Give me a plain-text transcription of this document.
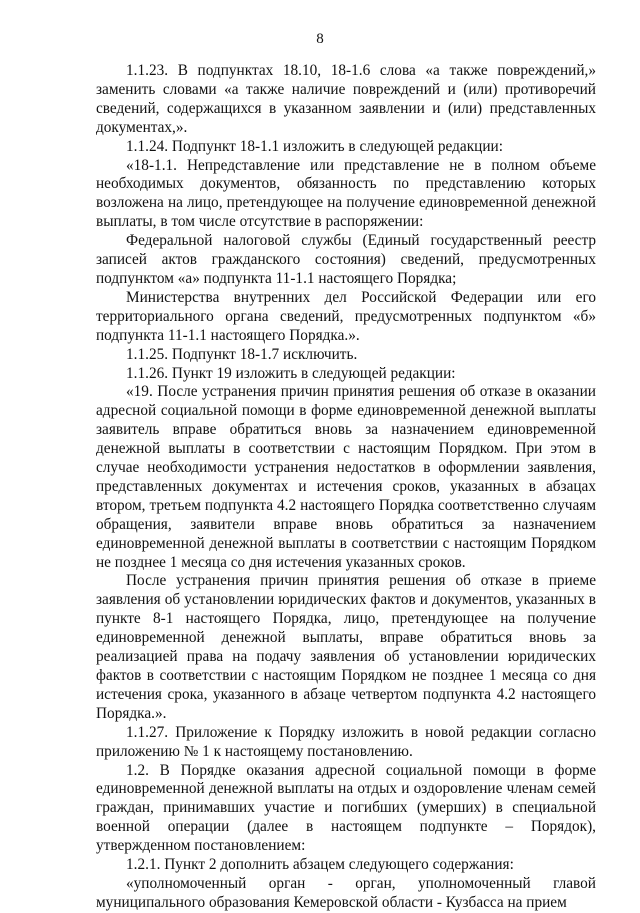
8

1.1.23. В подпунктах 18.10, 18-1.6 слова «а также повреждений,» заменить словами «а также наличие повреждений и (или) противоречий сведений, содержащихся в указанном заявлении и (или) представленных документах,».

1.1.24. Подпункт 18-1.1 изложить в следующей редакции:

«18-1.1. Непредставление или представление не в полном объеме необходимых документов, обязанность по представлению которых возложена на лицо, претендующее на получение единовременной денежной выплаты, в том числе отсутствие в распоряжении:

Федеральной налоговой службы (Единый государственный реестр записей актов гражданского состояния) сведений, предусмотренных подпунктом «а» подпункта 11-1.1 настоящего Порядка;

Министерства внутренних дел Российской Федерации или его территориального органа сведений, предусмотренных подпунктом «б» подпункта 11-1.1 настоящего Порядка.».

1.1.25. Подпункт 18-1.7 исключить.

1.1.26. Пункт 19 изложить в следующей редакции:

«19. После устранения причин принятия решения об отказе в оказании адресной социальной помощи в форме единовременной денежной выплаты заявитель вправе обратиться вновь за назначением единовременной денежной выплаты в соответствии с настоящим Порядком. При этом в случае необходимости устранения недостатков в оформлении заявления, представленных документах и истечения сроков, указанных в абзацах втором, третьем подпункта 4.2 настоящего Порядка соответственно случаям обращения, заявители вправе вновь обратиться за назначением единовременной денежной выплаты в соответствии с настоящим Порядком не позднее 1 месяца со дня истечения указанных сроков.

После устранения причин принятия решения об отказе в приеме заявления об установлении юридических фактов и документов, указанных в пункте 8-1 настоящего Порядка, лицо, претендующее на получение единовременной денежной выплаты, вправе обратиться вновь за реализацией права на подачу заявления об установлении юридических фактов в соответствии с настоящим Порядком не позднее 1 месяца со дня истечения срока, указанного в абзаце четвертом подпункта 4.2 настоящего Порядка.».

1.1.27. Приложение к Порядку изложить в новой редакции согласно приложению № 1 к настоящему постановлению.

1.2. В Порядке оказания адресной социальной помощи в форме единовременной денежной выплаты на отдых и оздоровление членам семей граждан, принимавших участие и погибших (умерших) в специальной военной операции (далее в настоящем подпункте – Порядок), утвержденном постановлением:

1.2.1. Пункт 2 дополнить абзацем следующего содержания:

«уполномоченный орган - орган, уполномоченный главой муниципального образования Кемеровской области - Кузбасса на прием
